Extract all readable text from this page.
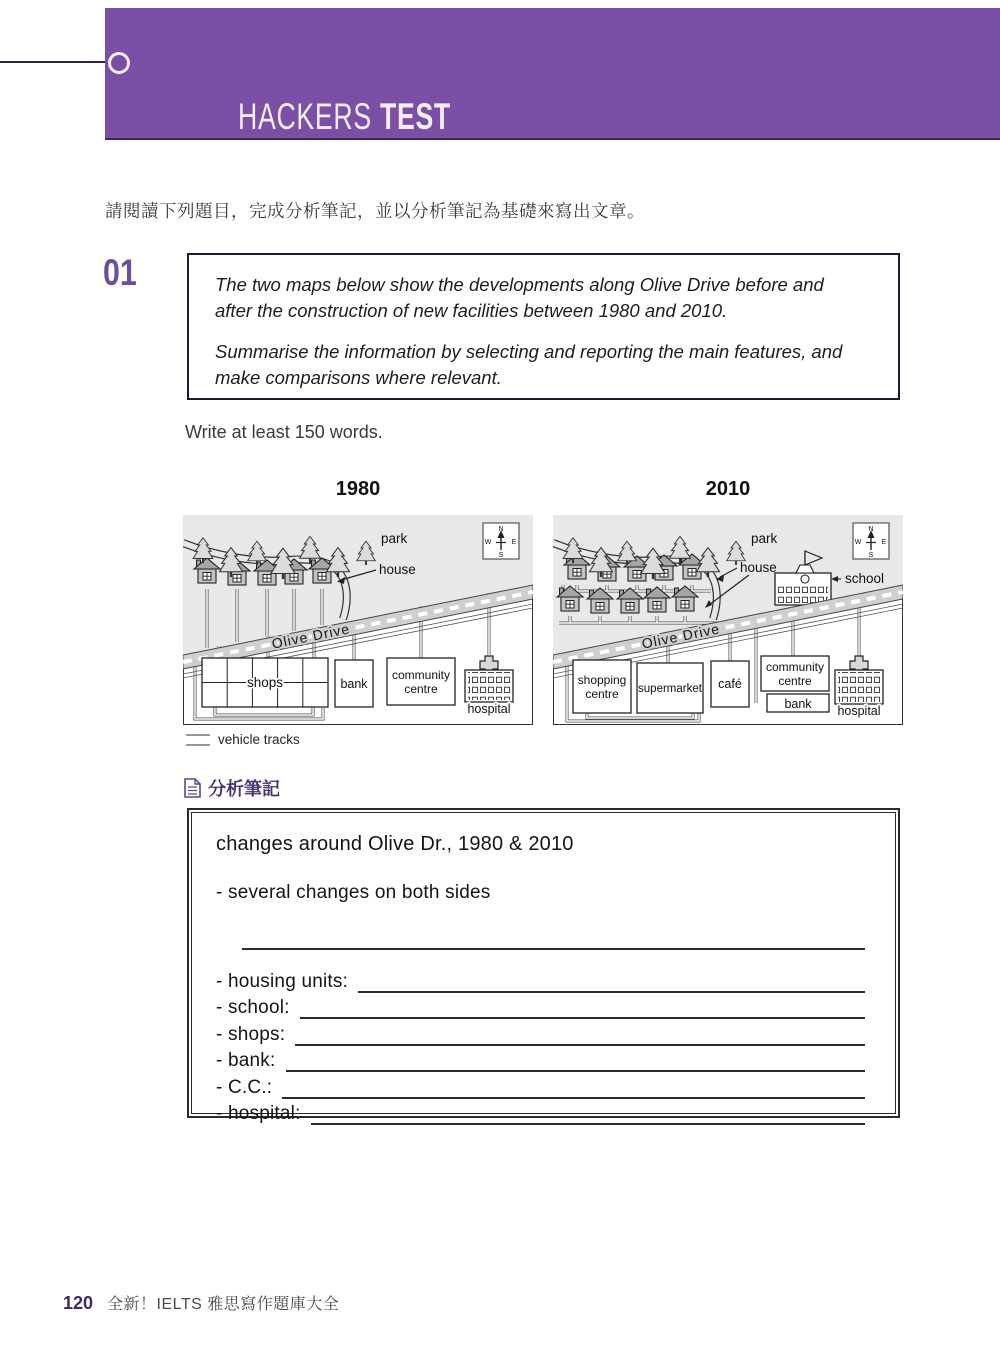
HACKERS TEST
請閱讀下列題目，完成分析筆記，並以分析筆記為基礎來寫出文章。
01	The two maps below show the developments along Olive Drive before and after the construction of new facilities between 1980 and 2010.

Summarise the information by selecting and reporting the main features, and make comparisons where relevant.

Write at least 150 words.
1980	2010
park
N
W	E
S
Olive Drive
shops	bank
community
centre
hospital
house
park
N
W	E
S
school
Olive Drive
shopping
centre supermarket café
community
centre
bank hospital
house
vehicle tracks
分析筆記
changes around Olive Dr., 1980 & 2010
- several changes on both sides
- housing units:
- school:
- shops:
- bank:
- C.C.:
- hospital:
120 全新！IELTS 雅思寫作題庫大全
